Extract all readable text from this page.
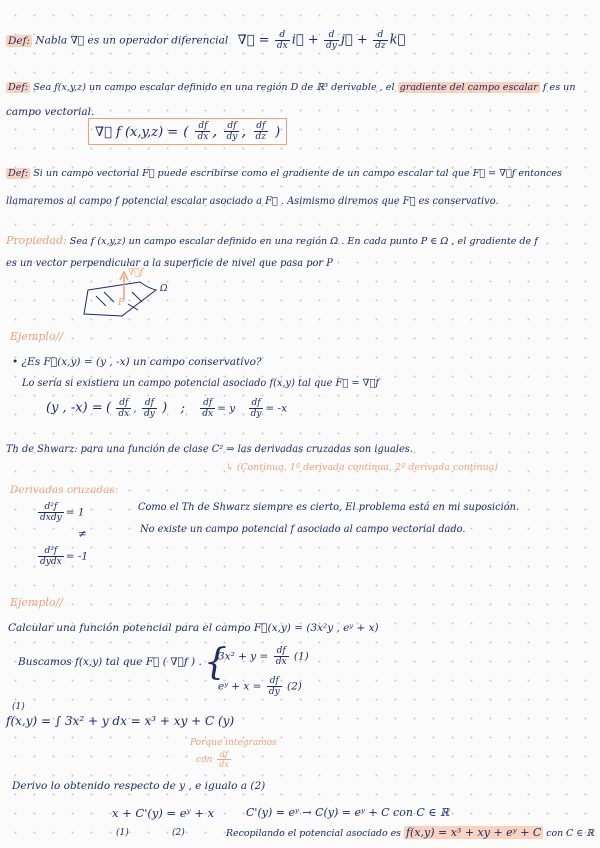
Def: Nabla ∇⃗ es un operador diferencial ∇⃗ = $\frac{d}{dx}$ i⃗ + $\frac{d}{dy}$ j⃗ + $\frac{d}{dz}$ k⃗
Def: Sea f(x,y,z) un campo escalar definido en una región D de ℝ³ derivable , el gradiente del campo escalar f es un
campo vectorial.
∇⃗ f (x,y,z) = ( $\frac{df}{dx}$ , $\frac{df}{dy}$ , $\frac{df}{dz}$ )
Def: Si un campo vectorial F⃗ puede escribirse como el gradiente de un campo escalar tal que F⃗ = ∇⃗f entonces
llamaremos al campo f potencial escalar asociado a F⃗ . Asimismo diremos que F⃗ es conservativo.
Propiedad: Sea f (x,y,z) un campo escalar definido en una región Ω . En cada punto P ∈ Ω , el gradiente de f
es un vector perpendicular a la superficie de nivel que pasa por P
∇⃗f
P
Ω
Ejemplo//
• ¿Es F⃗(x,y) = (y , -x) un campo conservativo?
Lo sería si existiera un campo potencial asociado f(x,y) tal que F⃗ = ∇⃗f
(y , -x) = ( $\frac{df}{dx}$ , $\frac{df}{dy}$ ) ; $\frac{df}{dx} = y \frac{df}{dy} = -x$
Th de Shwarz: para una función de clase C² ⇒ las derivadas cruzadas son iguales.
↳ (Continua, 1ª derivada continua, 2ª derivada continua)
Derivadas cruzadas:
$\frac{\text{d²f}}{\text{dxdy}} = 1$
≠
$\frac{\text{d²f}}{\text{dydx}} = -1$
Como el Th de Shwarz siempre es cierto, El problema está en mi suposición.
No existe un campo potencial f asociado al campo vectorial dado.
Ejemplo//
Calcular una función potencial para el campo F⃗(x,y) = (3x²y , eʸ + x)
Buscamos f(x,y) tal que F⃗ ( ∇⃗f ) . {
$3x^2 + y = \frac{df}{dx} (1)$
eʸ + $x = \frac{df}{dy} (2)$
(1)
f(x,y) = ∫ 3x² + y dx = x³ + xy + C (y)
Porque integramos
con $\frac{df}{dx}$
Derivo lo obtenido respecto de y , e igualo a (2)
x + C'(y) = eʸ + x	C'(y) = eʸ → C(y) = eʸ + C con C ∈ ℝ
(1)	(2)	Recopilando el potencial asociado es f(x,y) = x³ + xy + eʸ + C con C ∈ ℝ
